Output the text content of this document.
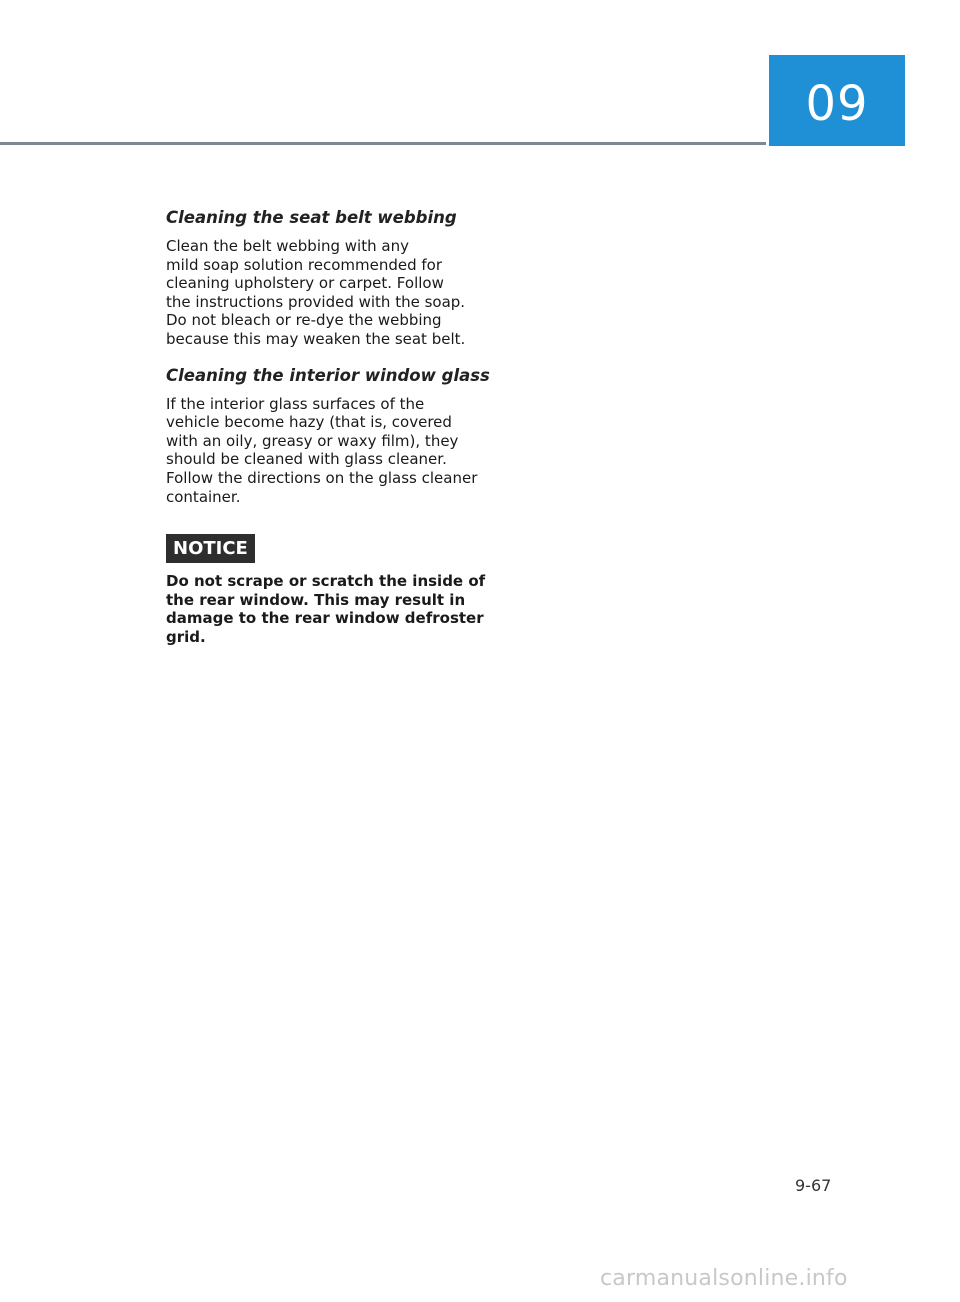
09
Cleaning the seat belt webbing

Clean the belt webbing with any
mild soap solution recommended for
cleaning upholstery or carpet. Follow
the instructions provided with the soap.
Do not bleach or re-dye the webbing
because this may weaken the seat belt.

Cleaning the interior window glass

If the interior glass surfaces of the
vehicle become hazy (that is, covered
with an oily, greasy or waxy film), they
should be cleaned with glass cleaner.
Follow the directions on the glass cleaner
container.

NOTICE

Do not scrape or scratch the inside of
the rear window. This may result in
damage to the rear window defroster
grid.

9-67
carmanualsonline.info
